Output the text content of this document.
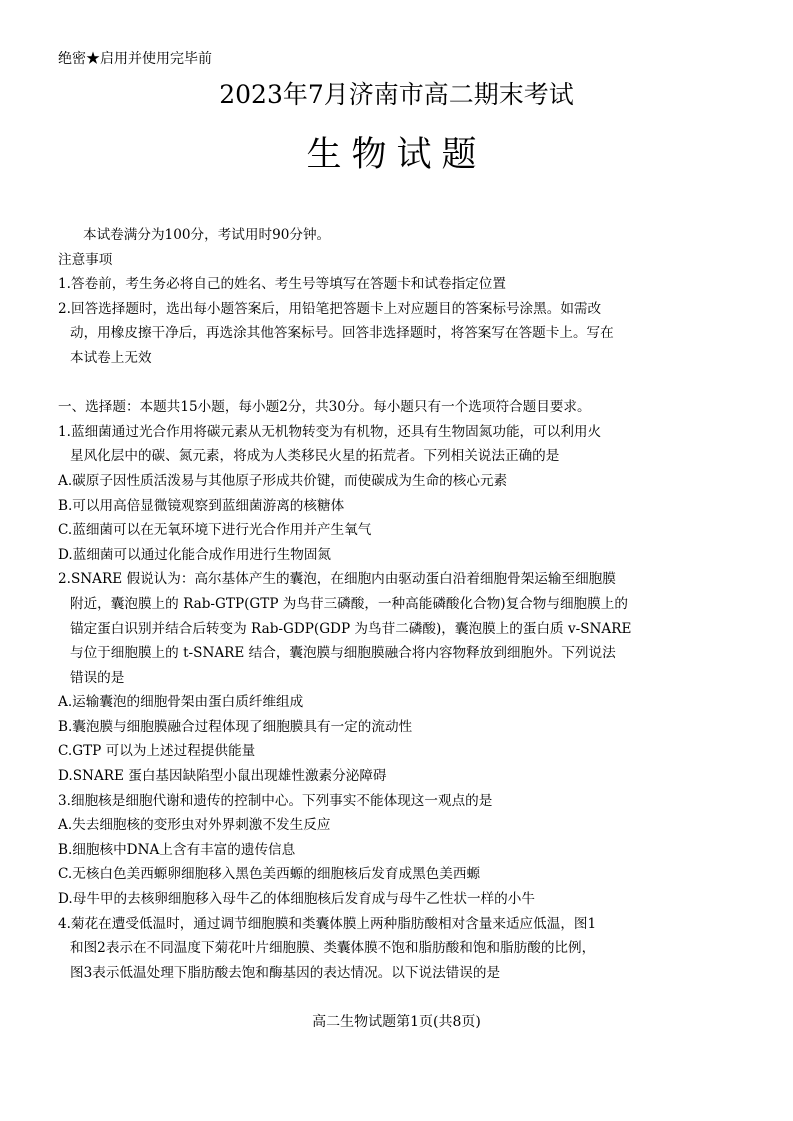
绝密★启用并使用完毕前
2023年7月济南市高二期末考试
生物试题
本试卷满分为100分，考试用时90分钟。
注意事项
1.答卷前，考生务必将自己的姓名、考生号等填写在答题卡和试卷指定位置
2.回答选择题时，选出每小题答案后，用铅笔把答题卡上对应题目的答案标号涂黑。如需改
动，用橡皮擦干净后，再选涂其他答案标号。回答非选择题时，将答案写在答题卡上。写在
本试卷上无效
一、选择题：本题共15小题，每小题2分，共30分。每小题只有一个选项符合题目要求。
1.蓝细菌通过光合作用将碳元素从无机物转变为有机物，还具有生物固氮功能，可以利用火
星风化层中的碳、氮元素，将成为人类移民火星的拓荒者。下列相关说法正确的是
A.碳原子因性质活泼易与其他原子形成共价键，而使碳成为生命的核心元素
B.可以用高倍显微镜观察到蓝细菌游离的核糖体
C.蓝细菌可以在无氧环境下进行光合作用并产生氧气
D.蓝细菌可以通过化能合成作用进行生物固氮
2.SNARE 假说认为：高尔基体产生的囊泡，在细胞内由驱动蛋白沿着细胞骨架运输至细胞膜
附近，囊泡膜上的 Rab-GTP(GTP 为鸟苷三磷酸，一种高能磷酸化合物)复合物与细胞膜上的
锚定蛋白识别并结合后转变为 Rab-GDP(GDP 为鸟苷二磷酸)，囊泡膜上的蛋白质 v-SNARE
与位于细胞膜上的 t-SNARE 结合，囊泡膜与细胞膜融合将内容物释放到细胞外。下列说法
错误的是
A.运输囊泡的细胞骨架由蛋白质纤维组成
B.囊泡膜与细胞膜融合过程体现了细胞膜具有一定的流动性
C.GTP 可以为上述过程提供能量
D.SNARE 蛋白基因缺陷型小鼠出现雄性激素分泌障碍
3.细胞核是细胞代谢和遗传的控制中心。下列事实不能体现这一观点的是
A.失去细胞核的变形虫对外界刺激不发生反应
B.细胞核中DNA上含有丰富的遗传信息
C.无核白色美西螈卵细胞移入黑色美西螈的细胞核后发育成黑色美西螈
D.母牛甲的去核卵细胞移入母牛乙的体细胞核后发育成与母牛乙性状一样的小牛
4.菊花在遭受低温时，通过调节细胞膜和类囊体膜上两种脂肪酸相对含量来适应低温，图1
和图2表示在不同温度下菊花叶片细胞膜、类囊体膜不饱和脂肪酸和饱和脂肪酸的比例，
图3表示低温处理下脂肪酸去饱和酶基因的表达情况。以下说法错误的是
高二生物试题第1页(共8页)
